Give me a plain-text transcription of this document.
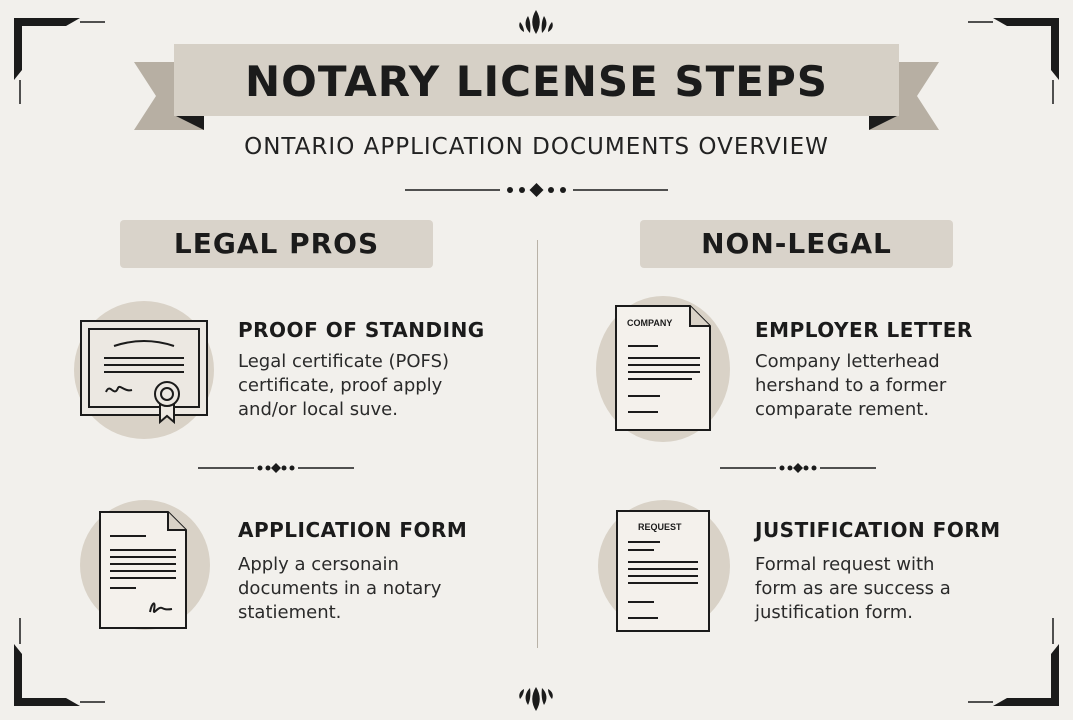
NOTARY LICENSE STEPS
ONTARIO APPLICATION DOCUMENTS OVERVIEW
LEGAL PROS	NON-LEGAL
PROOF OF STANDING
Legal certificate (POFS)
certificate, proof apply
and/or local suve.
APPLICATION FORM
Apply a cersonain
documents in a notary
statiement.
COMPANY	EMPLOYER LETTER
Company letterhead
hershand to a former
comparate rement.
REQUEST	JUSTIFICATION FORM
Formal request with
form as are success a
justification form.
